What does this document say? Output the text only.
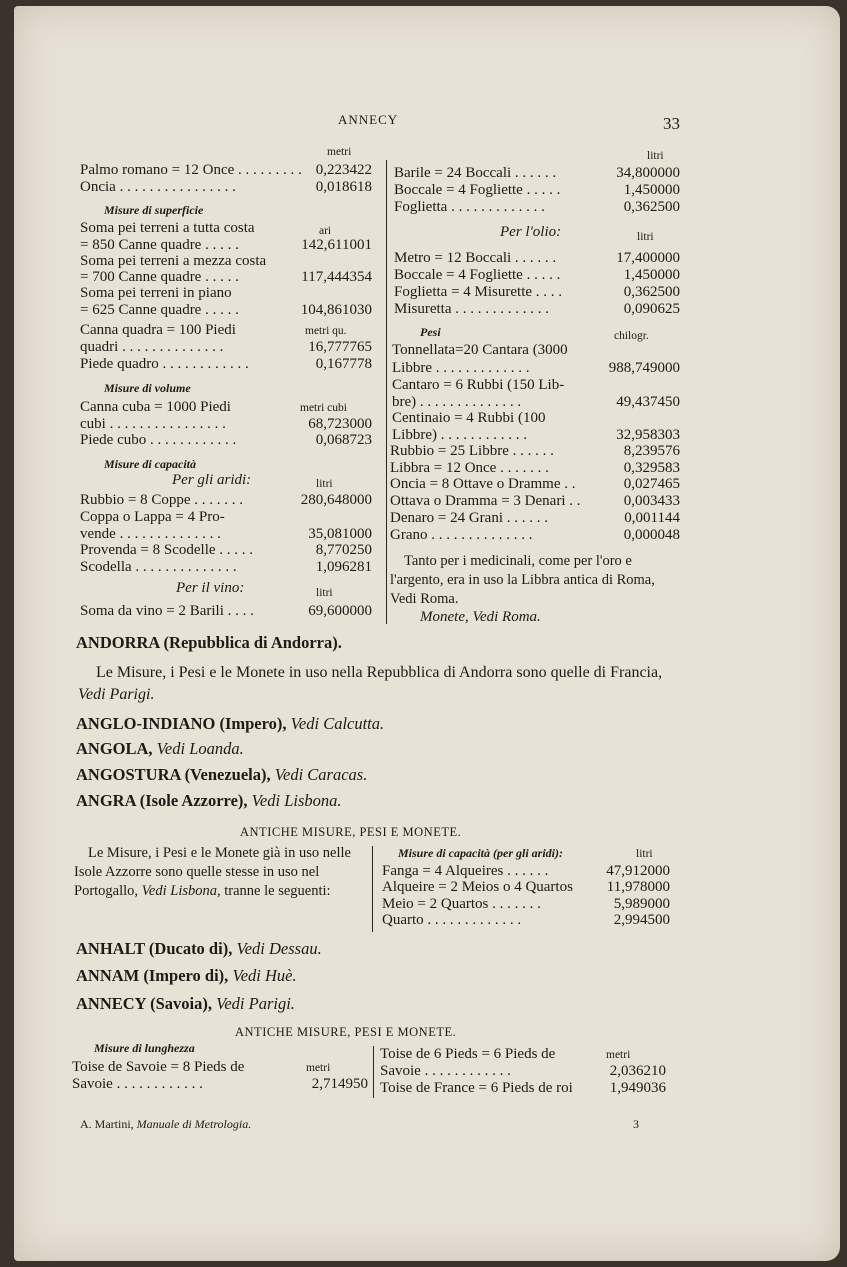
ANNECY	33
metri
Palmo romano = 12 Once . . . . . . . . . 0,223422
Oncia . . . . . . . . . . . . . . . .	0,018618
Misure di superficie
ari
Soma pei terreni a tutta costa
= 850 Canne quadre . . . . .	142,611001
Soma pei terreni a mezza costa
= 700 Canne quadre . . . . .	117,444354
Soma pei terreni in piano
= 625 Canne quadre . . . . .	104,861030
Canna quadra = 100 Piedi	metri qu.
quadri . . . . . . . . . . . . . .	16,777765
Piede quadro . . . . . . . . . . . .	0,167778
Misure di volume
Canna cuba = 1000 Piedi	metri cubi
cubi . . . . . . . . . . . . . . . .	68,723000
Piede cubo . . . . . . . . . . . .	0,068723
Misure di capacità
Per gli aridi:	litri
Rubbio = 8 Coppe . . . . . . .	280,648000
Coppa o Lappa = 4 Pro-
vende . . . . . . . . . . . . . .	35,081000
Provenda = 8 Scodelle . . . . .	8,770250
Scodella . . . . . . . . . . . . . .	1,096281
Per il vino:	litri
Soma da vino = 2 Barili . . . .	69,600000
litri
Barile = 24 Boccali . . . . . .	34,800000
Boccale = 4 Fogliette . . . . .	1,450000
Foglietta . . . . . . . . . . . . .	0,362500
Per l'olio:	litri
Metro = 12 Boccali . . . . . .	17,400000
Boccale = 4 Fogliette . . . . .	1,450000
Foglietta = 4 Misurette . . . .	0,362500
Misuretta . . . . . . . . . . . . .	0,090625
Pesi	chilogr.
Tonnellata=20 Cantara (3000
Libbre . . . . . . . . . . . . .	988,749000
Cantaro = 6 Rubbi (150 Lib-
bre) . . . . . . . . . . . . . .	49,437450
Centinaio = 4 Rubbi (100
Libbre) . . . . . . . . . . . .	32,958303
Rubbio = 25 Libbre . . . . . .	8,239576
Libbra = 12 Once . . . . . . .	0,329583
Oncia = 8 Ottave o Dramme . .	0,027465
Ottava o Dramma = 3 Denari . .	0,003433
Denaro = 24 Grani . . . . . .	0,001144
Grano . . . . . . . . . . . . . .	0,000048
Tanto per i medicinali, come per l'oro e l'argento, era in uso la Libbra antica di Roma, Vedi Roma.
Monete, Vedi Roma.
ANDORRA (Repubblica di Andorra).
Le Misure, i Pesi e le Monete in uso nella Repubblica di Andorra sono quelle di Francia, Vedi Parigi.
ANGLO-INDIANO (Impero), Vedi Calcutta.
ANGOLA, Vedi Loanda.
ANGOSTURA (Venezuela), Vedi Caracas.
ANGRA (Isole Azzorre), Vedi Lisbona.
ANTICHE MISURE, PESI E MONETE.
Le Misure, i Pesi e le Monete già in uso nelle Isole Azzorre sono quelle stesse in uso nel Portogallo, Vedi Lisbona, tranne le seguenti:
Misure di capacità (per gli aridi):	litri
Fanga = 4 Alqueires . . . . . .	47,912000
Alqueire = 2 Meios o 4 Quartos 11,978000
Meio = 2 Quartos . . . . . . .	5,989000
Quarto . . . . . . . . . . . . .	2,994500
ANHALT (Ducato di), Vedi Dessau.
ANNAM (Impero di), Vedi Huè.
ANNECY (Savoia), Vedi Parigi.
ANTICHE MISURE, PESI E MONETE.
Misure di lunghezza
metri
Toise de Savoie = 8 Pieds de
Savoie . . . . . . . . . . . .	2,714950
Toise de 6 Pieds = 6 Pieds de	metri
Savoie . . . . . . . . . . . .	2,036210
Toise de France = 6 Pieds de roi 1,949036
A. Martini, Manuale di Metrologia.	3
